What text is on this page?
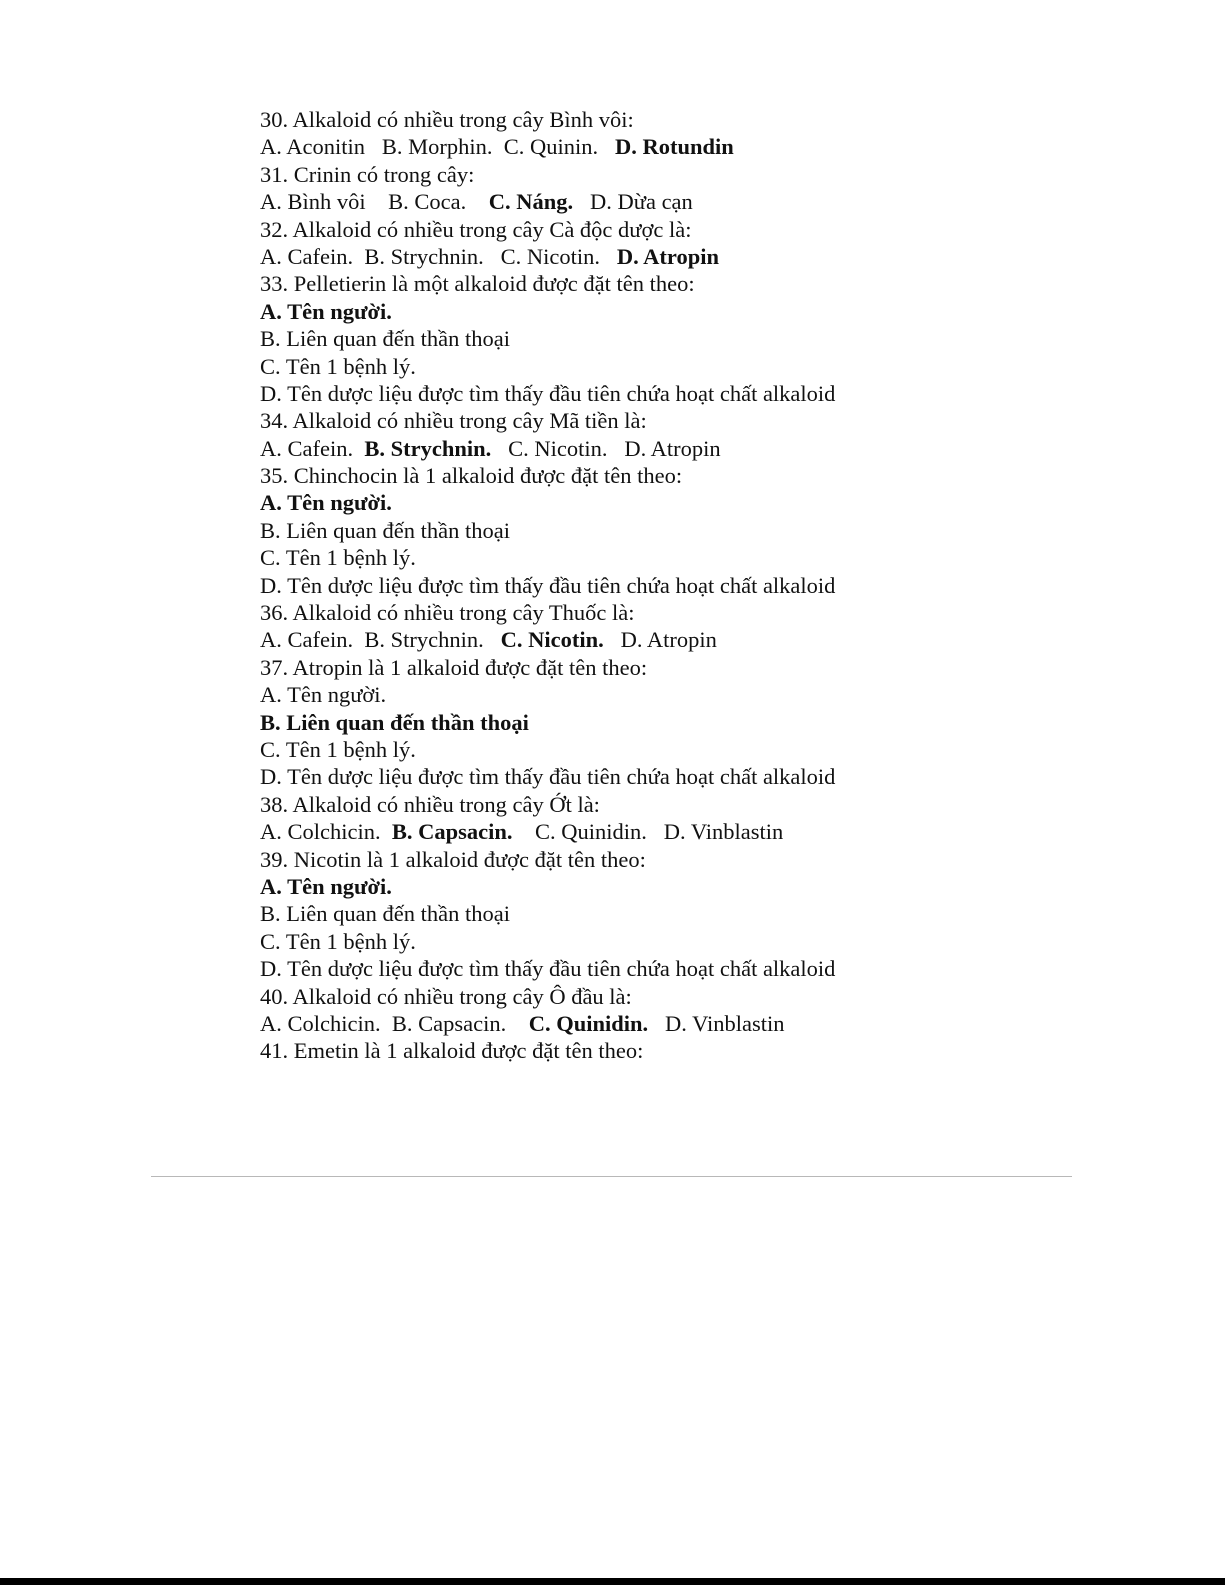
30. Alkaloid có nhiều trong cây Bình vôi:
A. Aconitin   B. Morphin.  C. Quinin.   D. Rotundin
31. Crinin có trong cây:
A. Bình vôi    B. Coca.    C. Náng.   D. Dừa cạn
32. Alkaloid có nhiều trong cây Cà độc dược là:
A. Cafein.  B. Strychnin.   C. Nicotin.   D. Atropin
33. Pelletierin là một alkaloid được đặt tên theo:
A. Tên người.
B. Liên quan đến thần thoại
C. Tên 1 bệnh lý.
D. Tên dược liệu được tìm thấy đầu tiên chứa hoạt chất alkaloid
34. Alkaloid có nhiều trong cây Mã tiền là:
A. Cafein.  B. Strychnin.   C. Nicotin.   D. Atropin
35. Chinchocin là 1 alkaloid được đặt tên theo:
A. Tên người.
B. Liên quan đến thần thoại
C. Tên 1 bệnh lý.
D. Tên dược liệu được tìm thấy đầu tiên chứa hoạt chất alkaloid
36. Alkaloid có nhiều trong cây Thuốc là:
A. Cafein.  B. Strychnin.   C. Nicotin.   D. Atropin
37. Atropin là 1 alkaloid được đặt tên theo:
A. Tên người.
B. Liên quan đến thần thoại
C. Tên 1 bệnh lý.
D. Tên dược liệu được tìm thấy đầu tiên chứa hoạt chất alkaloid
38. Alkaloid có nhiều trong cây Ớt là:
A. Colchicin.  B. Capsacin.    C. Quinidin.   D. Vinblastin
39. Nicotin là 1 alkaloid được đặt tên theo:
A. Tên người.
B. Liên quan đến thần thoại
C. Tên 1 bệnh lý.
D. Tên dược liệu được tìm thấy đầu tiên chứa hoạt chất alkaloid
40. Alkaloid có nhiều trong cây Ô đầu là:
A. Colchicin.  B. Capsacin.    C. Quinidin.   D. Vinblastin
41. Emetin là 1 alkaloid được đặt tên theo:
